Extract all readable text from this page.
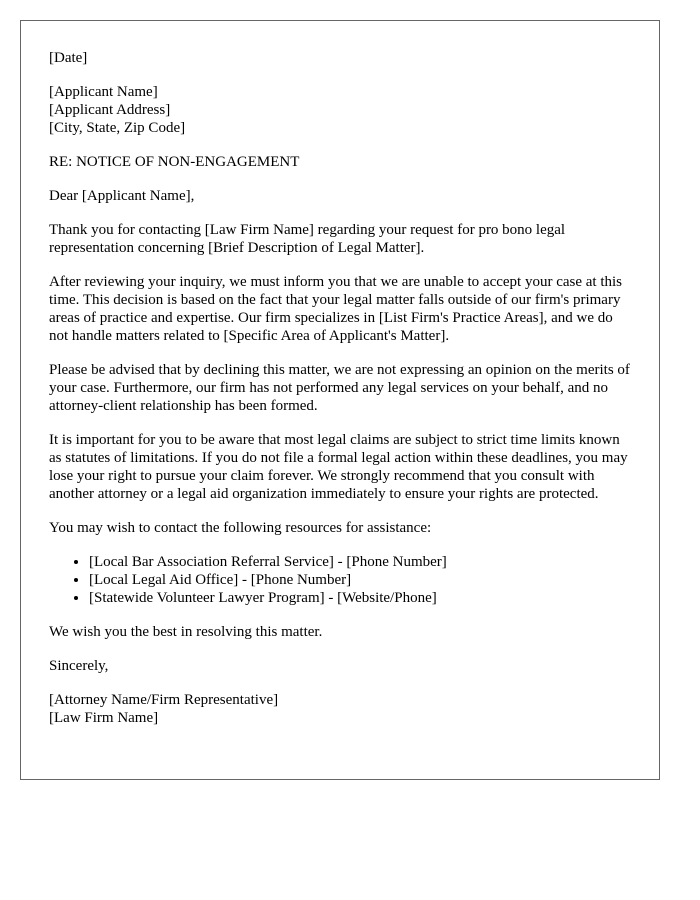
[Date]

[Applicant Name]
[Applicant Address]
[City, State, Zip Code]

RE: NOTICE OF NON-ENGAGEMENT

Dear [Applicant Name],

Thank you for contacting [Law Firm Name] regarding your request for pro bono legal representation concerning [Brief Description of Legal Matter].

After reviewing your inquiry, we must inform you that we are unable to accept your case at this time. This decision is based on the fact that your legal matter falls outside of our firm's primary areas of practice and expertise. Our firm specializes in [List Firm's Practice Areas], and we do not handle matters related to [Specific Area of Applicant's Matter].

Please be advised that by declining this matter, we are not expressing an opinion on the merits of your case. Furthermore, our firm has not performed any legal services on your behalf, and no attorney-client relationship has been formed.

It is important for you to be aware that most legal claims are subject to strict time limits known as statutes of limitations. If you do not file a formal legal action within these deadlines, you may lose your right to pursue your claim forever. We strongly recommend that you consult with another attorney or a legal aid organization immediately to ensure your rights are protected.

You may wish to contact the following resources for assistance:

• [Local Bar Association Referral Service] - [Phone Number]
• [Local Legal Aid Office] - [Phone Number]
• [Statewide Volunteer Lawyer Program] - [Website/Phone]

We wish you the best in resolving this matter.

Sincerely,

[Attorney Name/Firm Representative]
[Law Firm Name]
